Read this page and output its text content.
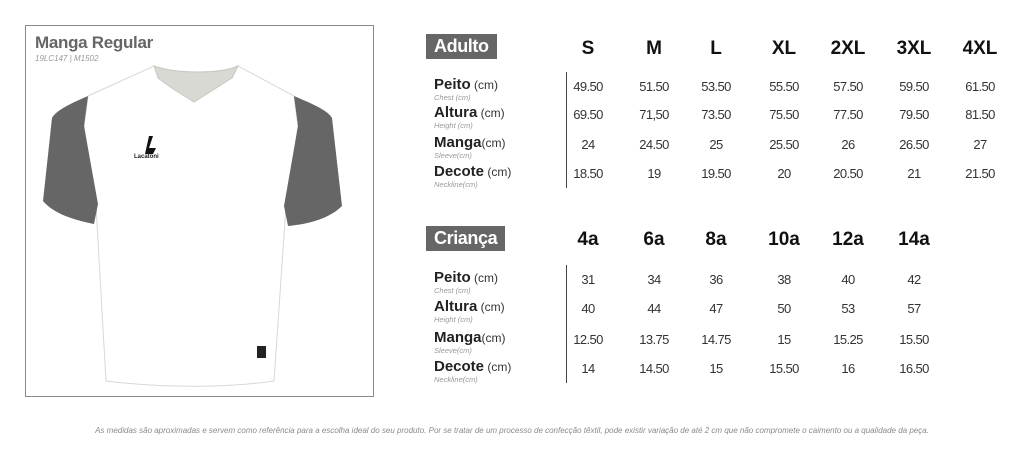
Manga Regular
19LC147 | M1502
Lacatoni
Adulto	S	M	L	XL	2XL	3XL	4XL
Peito (cm)
Chest (cm)
49.50	51.50	53.50	55.50	57.50	59.50	61.50
Altura (cm)
Height (cm)
69.50	71,50	73.50	75.50	77.50	79.50	81.50
Manga(cm)
Sleeve(cm)
24	24.50	25	25.50	26	26.50	27
Decote (cm)
Neckline(cm)
18.50	19	19.50	20	20.50	21	21.50
Criança	4a	6a	8a	10a	12a	14a
Peito (cm)
Chest (cm)
31	34	36	38	40	42
Altura (cm)
Height (cm)
40	44	47	50	53	57
Manga(cm)
Sleeve(cm)
12.50	13.75	14.75	15	15.25	15.50
Decote (cm)
Neckline(cm)
14	14.50	15	15.50	16	16.50
As medidas são aproximadas e servem como referência para a escolha ideal do seu produto. Por se tratar de um processo de confecção têxtil, pode existir variação de até 2 cm que não compromete o caimento ou a qualidade da peça.
